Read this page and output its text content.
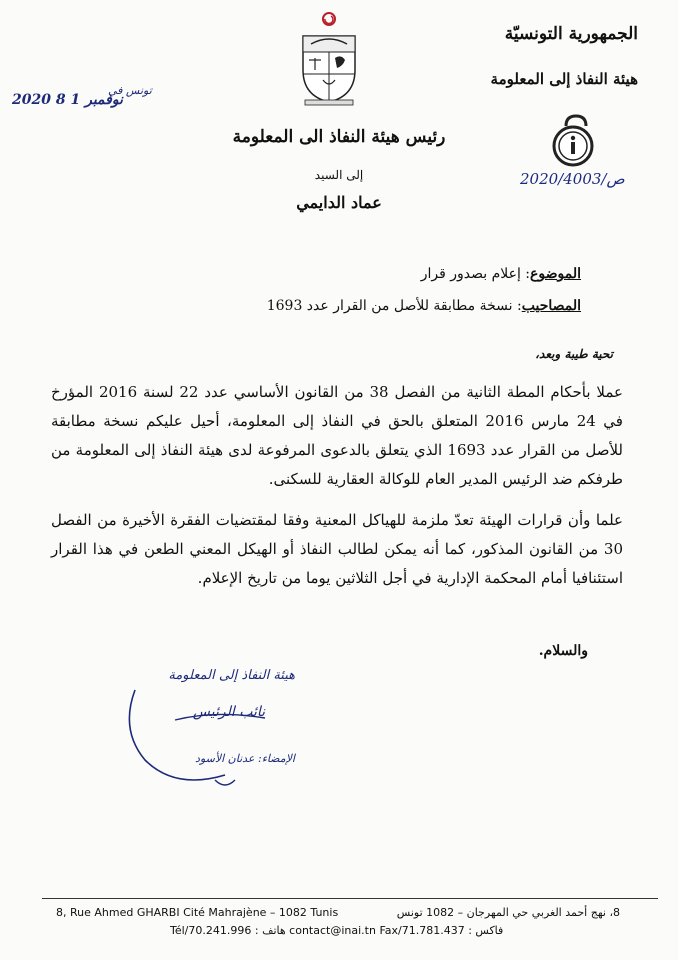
الجمهورية التونسيّة
هيئة النفاذ إلى المعلومة
تونس في
2020 نوفمبر 1 8
رئيس هيئة النفاذ الى المعلومة
إلى السيد
عماد الدايمي
ص/2020/4003
الموضوع: إعلام بصدور قرار
المصاحيب: نسخة مطابقة للأصل من القرار عدد 1693
تحية طيبة وبعد،
عملا بأحكام المطة الثانية من الفصل 38 من القانون الأساسي عدد 22 لسنة 2016 المؤرخ في 24 مارس 2016 المتعلق بالحق في النفاذ إلى المعلومة، أحيل عليكم نسخة مطابقة للأصل من القرار عدد 1693 الذي يتعلق بالدعوى المرفوعة لدى هيئة النفاذ إلى المعلومة من طرفكم ضد الرئيس المدير العام للوكالة العقارية للسكنى.
علما وأن قرارات الهيئة تعدّ ملزمة للهياكل المعنية وفقا لمقتضيات الفقرة الأخيرة من الفصل 30 من القانون المذكور، كما أنه يمكن لطالب النفاذ أو الهيكل المعني الطعن في هذا القرار استئنافيا أمام المحكمة الإدارية في أجل الثلاثين يوما من تاريخ الإعلام.
والسلام.
هيئة النفاذ إلى المعلومة
نائب الرئيس
الإمضاء: عدنان الأسود
8, Rue Ahmed GHARBI Cité Mahrajène – 1082 Tunis	8، نهج أحمد الغربي حي المهرجان – 1082 تونس
Tél/هاتف : 70.241.996 contact@inai.tn Fax/فاكس : 71.781.437
